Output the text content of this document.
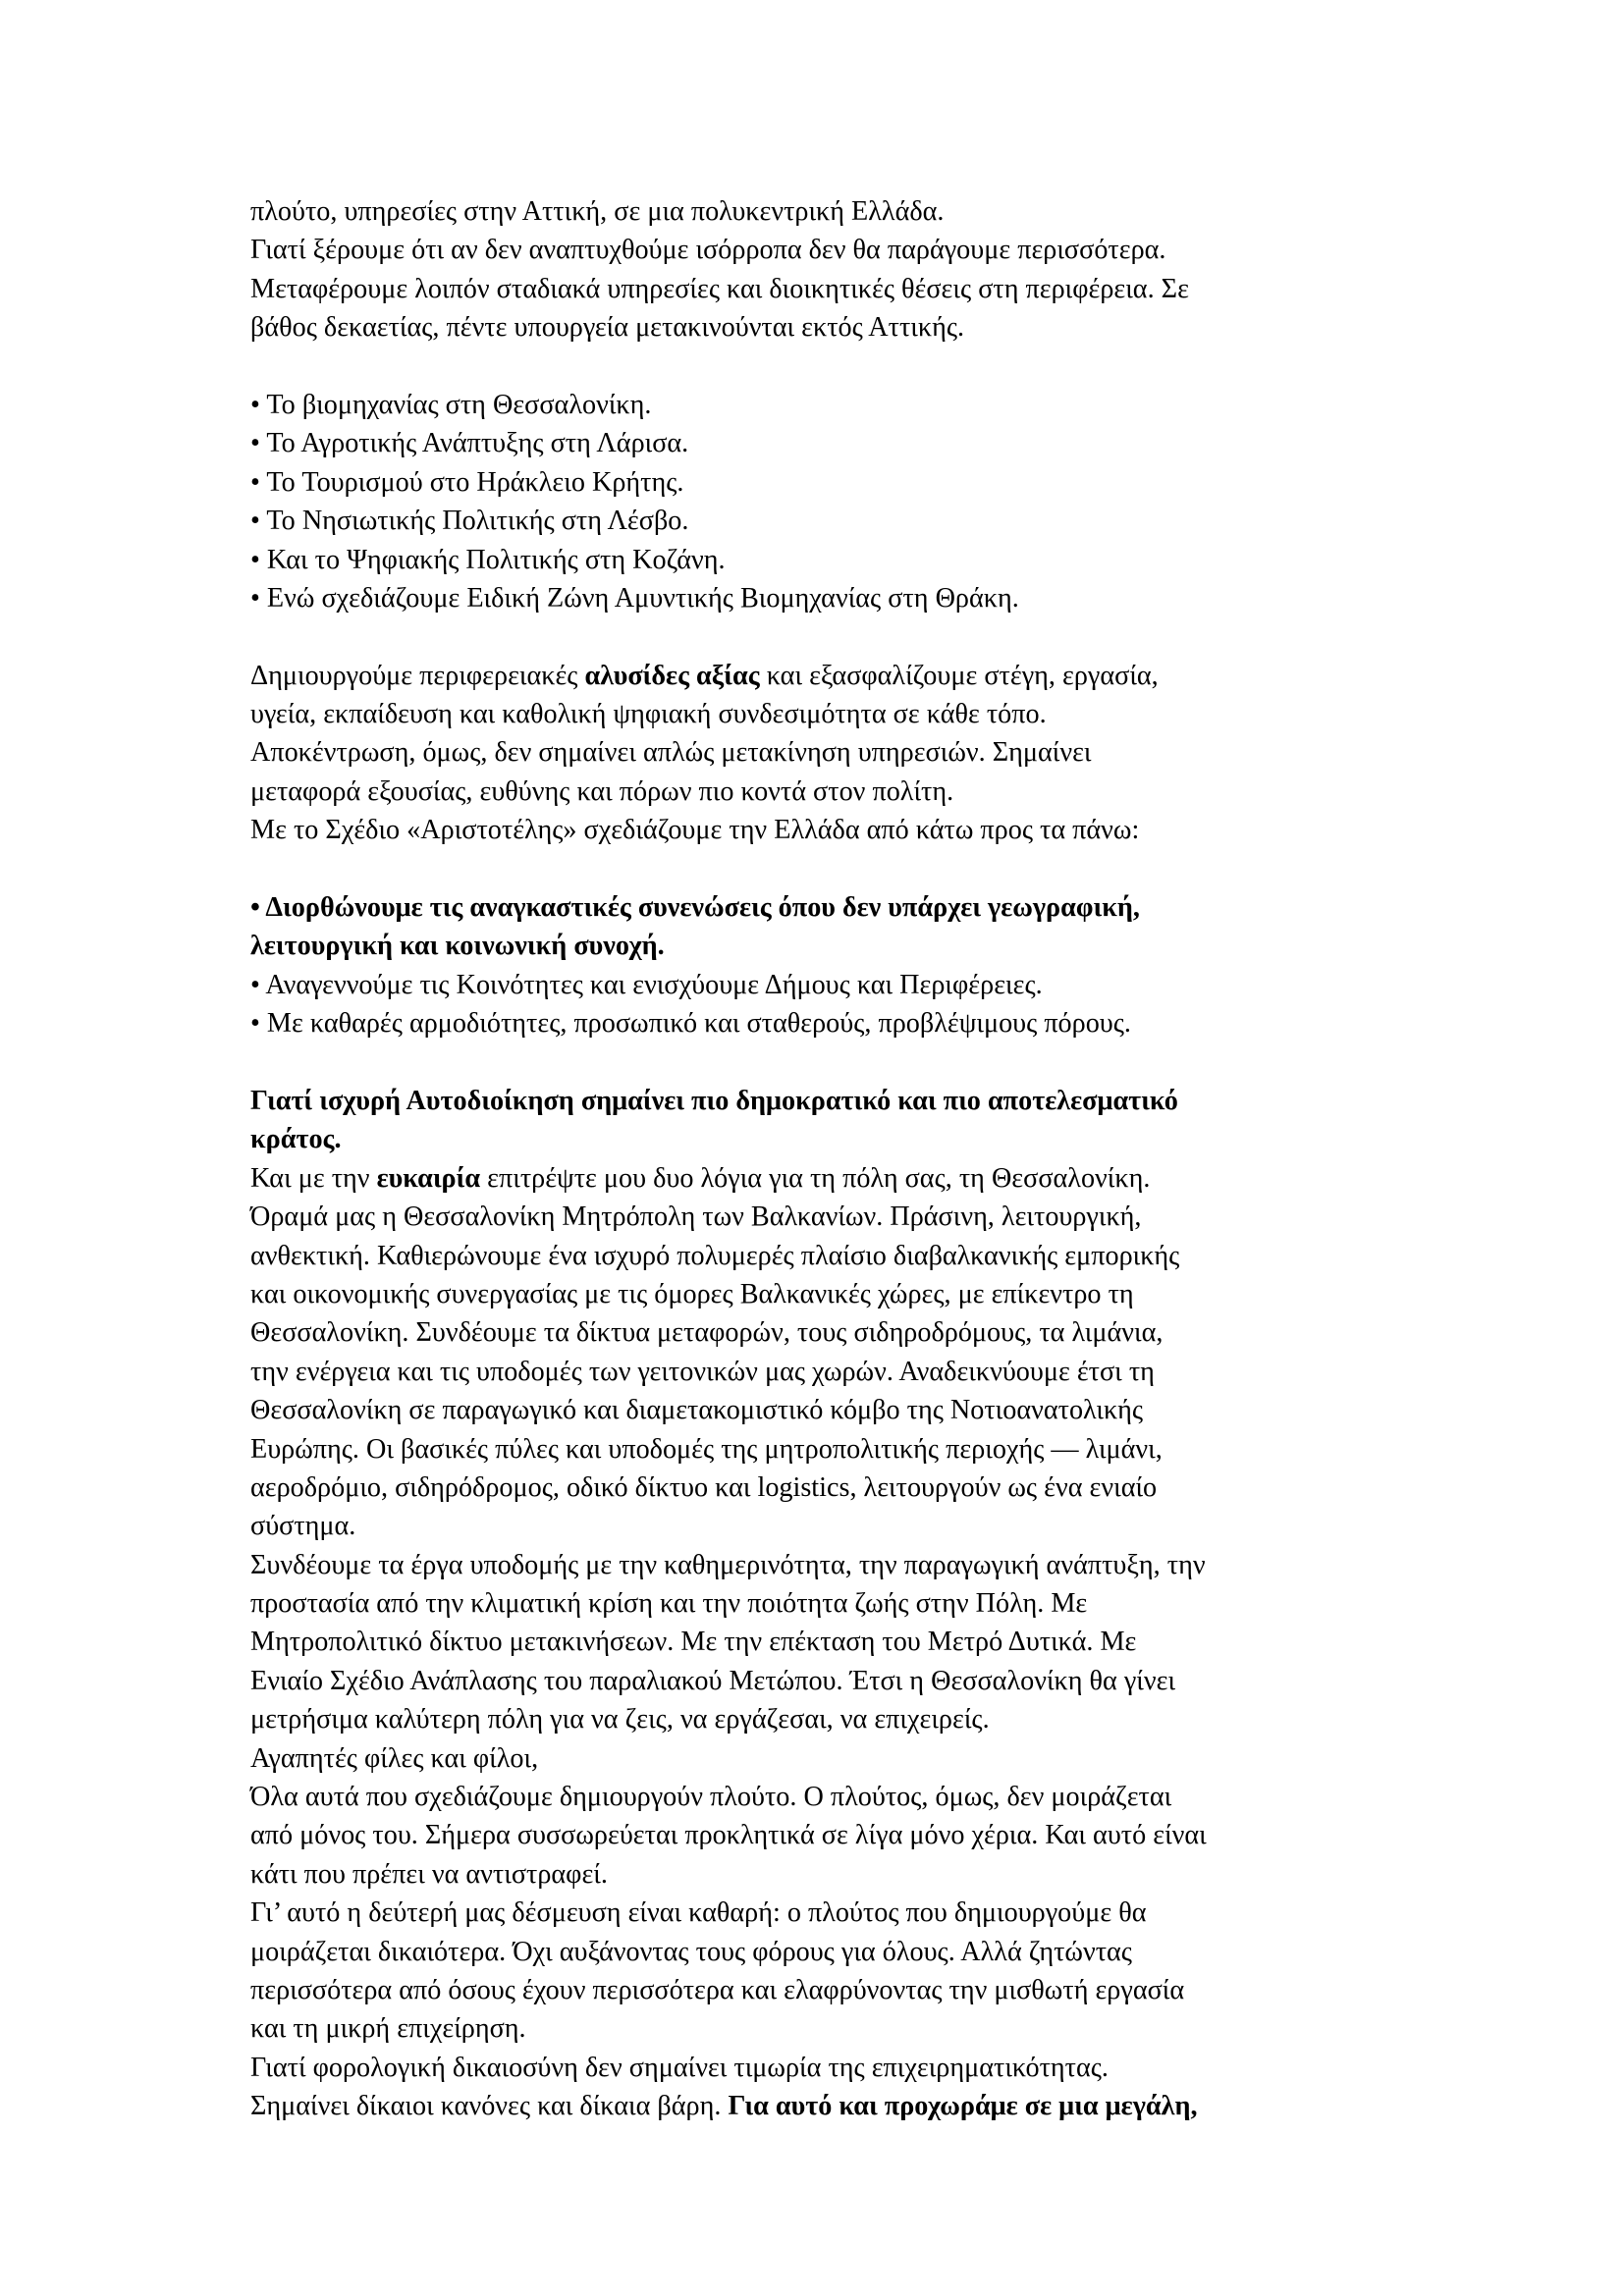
πλούτο, υπηρεσίες στην Αττική, σε μια πολυκεντρική Ελλάδα.
Γιατί ξέρουμε ότι αν δεν αναπτυχθούμε ισόρροπα δεν θα παράγουμε περισσότερα.
Μεταφέρουμε λοιπόν σταδιακά υπηρεσίες και διοικητικές θέσεις στη περιφέρεια. Σε
βάθος δεκαετίας, πέντε υπουργεία μετακινούνται εκτός Αττικής.
• Το βιομηχανίας στη Θεσσαλονίκη.
• Το Αγροτικής Ανάπτυξης στη Λάρισα.
• Το Τουρισμού στο Ηράκλειο Κρήτης.
• Το Νησιωτικής Πολιτικής στη Λέσβο.
• Και το Ψηφιακής Πολιτικής στη Κοζάνη.
• Ενώ σχεδιάζουμε Ειδική Ζώνη Αμυντικής Βιομηχανίας στη Θράκη.
Δημιουργούμε περιφερειακές αλυσίδες αξίας και εξασφαλίζουμε στέγη, εργασία,
υγεία, εκπαίδευση και καθολική ψηφιακή συνδεσιμότητα σε κάθε τόπο.
Αποκέντρωση, όμως, δεν σημαίνει απλώς μετακίνηση υπηρεσιών. Σημαίνει
μεταφορά εξουσίας, ευθύνης και πόρων πιο κοντά στον πολίτη.
Με το Σχέδιο «Αριστοτέλης» σχεδιάζουμε την Ελλάδα από κάτω προς τα πάνω:
• Διορθώνουμε τις αναγκαστικές συνενώσεις όπου δεν υπάρχει γεωγραφική,
λειτουργική και κοινωνική συνοχή.
• Αναγεννούμε τις Κοινότητες και ενισχύουμε Δήμους και Περιφέρειες.
• Με καθαρές αρμοδιότητες, προσωπικό και σταθερούς, προβλέψιμους πόρους.
Γιατί ισχυρή Αυτοδιοίκηση σημαίνει πιο δημοκρατικό και πιο αποτελεσματικό
κράτος.
Και με την ευκαιρία επιτρέψτε μου δυο λόγια για τη πόλη σας, τη Θεσσαλονίκη.
Όραμά μας η Θεσσαλονίκη Μητρόπολη των Βαλκανίων. Πράσινη, λειτουργική,
ανθεκτική. Καθιερώνουμε ένα ισχυρό πολυμερές πλαίσιο διαβαλκανικής εμπορικής
και οικονομικής συνεργασίας με τις όμορες Βαλκανικές χώρες, με επίκεντρο τη
Θεσσαλονίκη. Συνδέουμε τα δίκτυα μεταφορών, τους σιδηροδρόμους, τα λιμάνια,
την ενέργεια και τις υποδομές των γειτονικών μας χωρών. Αναδεικνύουμε έτσι τη
Θεσσαλονίκη σε παραγωγικό και διαμετακομιστικό κόμβο της Νοτιοανατολικής
Ευρώπης. Οι βασικές πύλες και υποδομές της μητροπολιτικής περιοχής — λιμάνι,
αεροδρόμιο, σιδηρόδρομος, οδικό δίκτυο και logistics, λειτουργούν ως ένα ενιαίο
σύστημα.
Συνδέουμε τα έργα υποδομής με την καθημερινότητα, την παραγωγική ανάπτυξη, την
προστασία από την κλιματική κρίση και την ποιότητα ζωής στην Πόλη. Με
Μητροπολιτικό δίκτυο μετακινήσεων. Με την επέκταση του Μετρό Δυτικά. Με
Ενιαίο Σχέδιο Ανάπλασης του παραλιακού Μετώπου. Έτσι η Θεσσαλονίκη θα γίνει
μετρήσιμα καλύτερη πόλη για να ζεις, να εργάζεσαι, να επιχειρείς.
Αγαπητές φίλες και φίλοι,
Όλα αυτά που σχεδιάζουμε δημιουργούν πλούτο. Ο πλούτος, όμως, δεν μοιράζεται
από μόνος του. Σήμερα συσσωρεύεται προκλητικά σε λίγα μόνο χέρια. Και αυτό είναι
κάτι που πρέπει να αντιστραφεί.
Γι’ αυτό η δεύτερή μας δέσμευση είναι καθαρή: ο πλούτος που δημιουργούμε θα
μοιράζεται δικαιότερα. Όχι αυξάνοντας τους φόρους για όλους. Αλλά ζητώντας
περισσότερα από όσους έχουν περισσότερα και ελαφρύνοντας την μισθωτή εργασία
και τη μικρή επιχείρηση.
Γιατί φορολογική δικαιοσύνη δεν σημαίνει τιμωρία της επιχειρηματικότητας.
Σημαίνει δίκαιοι κανόνες και δίκαια βάρη. Για αυτό και προχωράμε σε μια μεγάλη,
